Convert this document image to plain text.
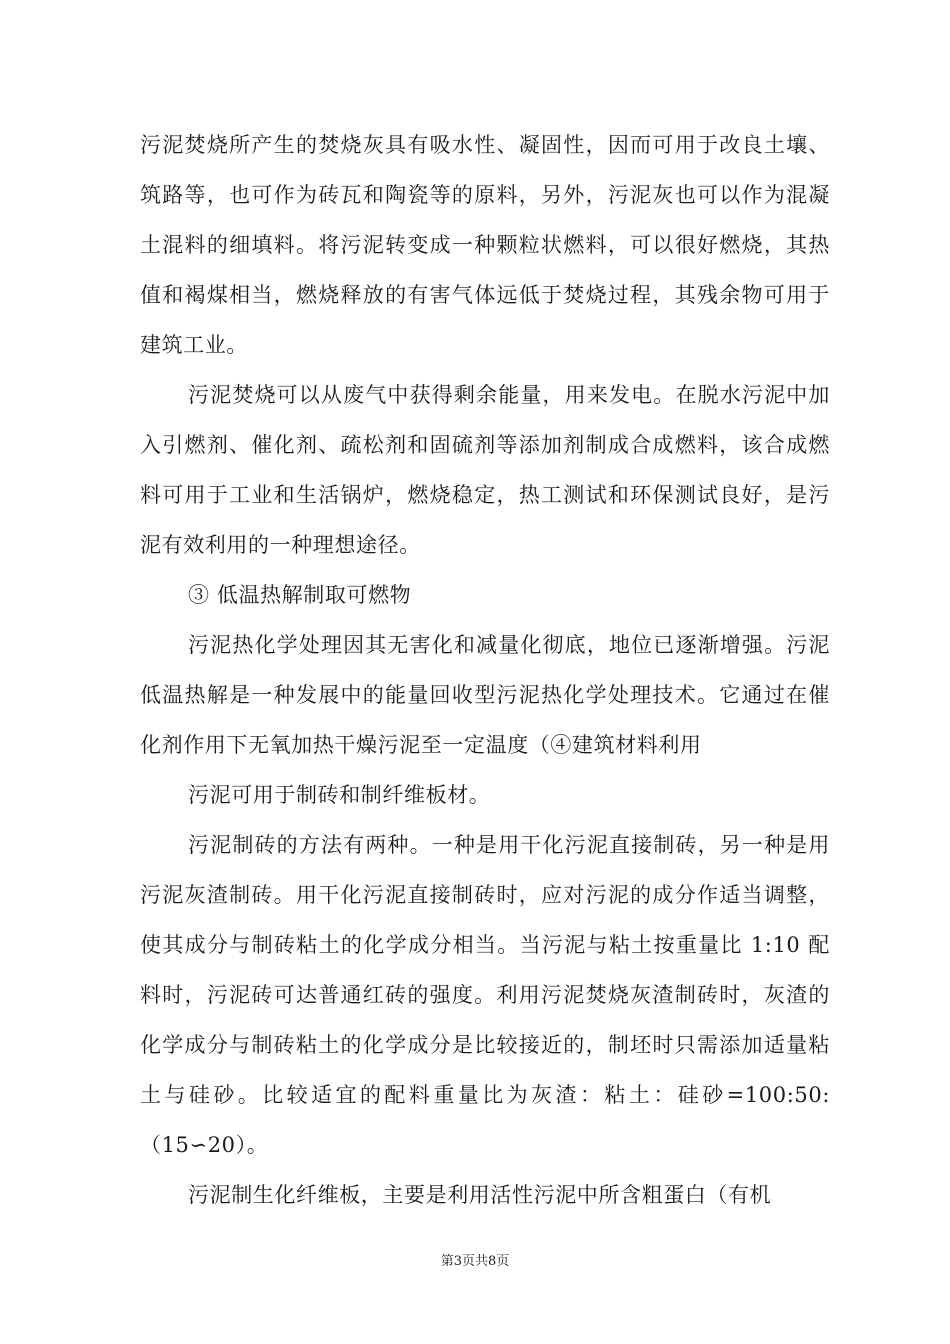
污泥焚烧所产生的焚烧灰具有吸水性、凝固性，因而可用于改良土壤、筑路等，也可作为砖瓦和陶瓷等的原料，另外，污泥灰也可以作为混凝土混料的细填料。将污泥转变成一种颗粒状燃料，可以很好燃烧，其热值和褐煤相当，燃烧释放的有害气体远低于焚烧过程，其残余物可用于建筑工业。

污泥焚烧可以从废气中获得剩余能量，用来发电。在脱水污泥中加入引燃剂、催化剂、疏松剂和固硫剂等添加剂制成合成燃料，该合成燃料可用于工业和生活锅炉，燃烧稳定，热工测试和环保测试良好，是污泥有效利用的一种理想途径。

③ 低温热解制取可燃物

污泥热化学处理因其无害化和减量化彻底，地位已逐渐增强。污泥低温热解是一种发展中的能量回收型污泥热化学处理技术。它通过在催化剂作用下无氧加热干燥污泥至一定温度（④建筑材料利用

污泥可用于制砖和制纤维板材。

污泥制砖的方法有两种。一种是用干化污泥直接制砖，另一种是用污泥灰渣制砖。用干化污泥直接制砖时，应对污泥的成分作适当调整，使其成分与制砖粘土的化学成分相当。当污泥与粘土按重量比 1:10 配料时，污泥砖可达普通红砖的强度。利用污泥焚烧灰渣制砖时，灰渣的化学成分与制砖粘土的化学成分是比较接近的，制坯时只需添加适量粘土与硅砂。比较适宜的配料重量比为灰渣：粘土：硅砂=100:50:（15∽20）。

污泥制生化纤维板，主要是利用活性污泥中所含粗蛋白（有机

第3页共8页
